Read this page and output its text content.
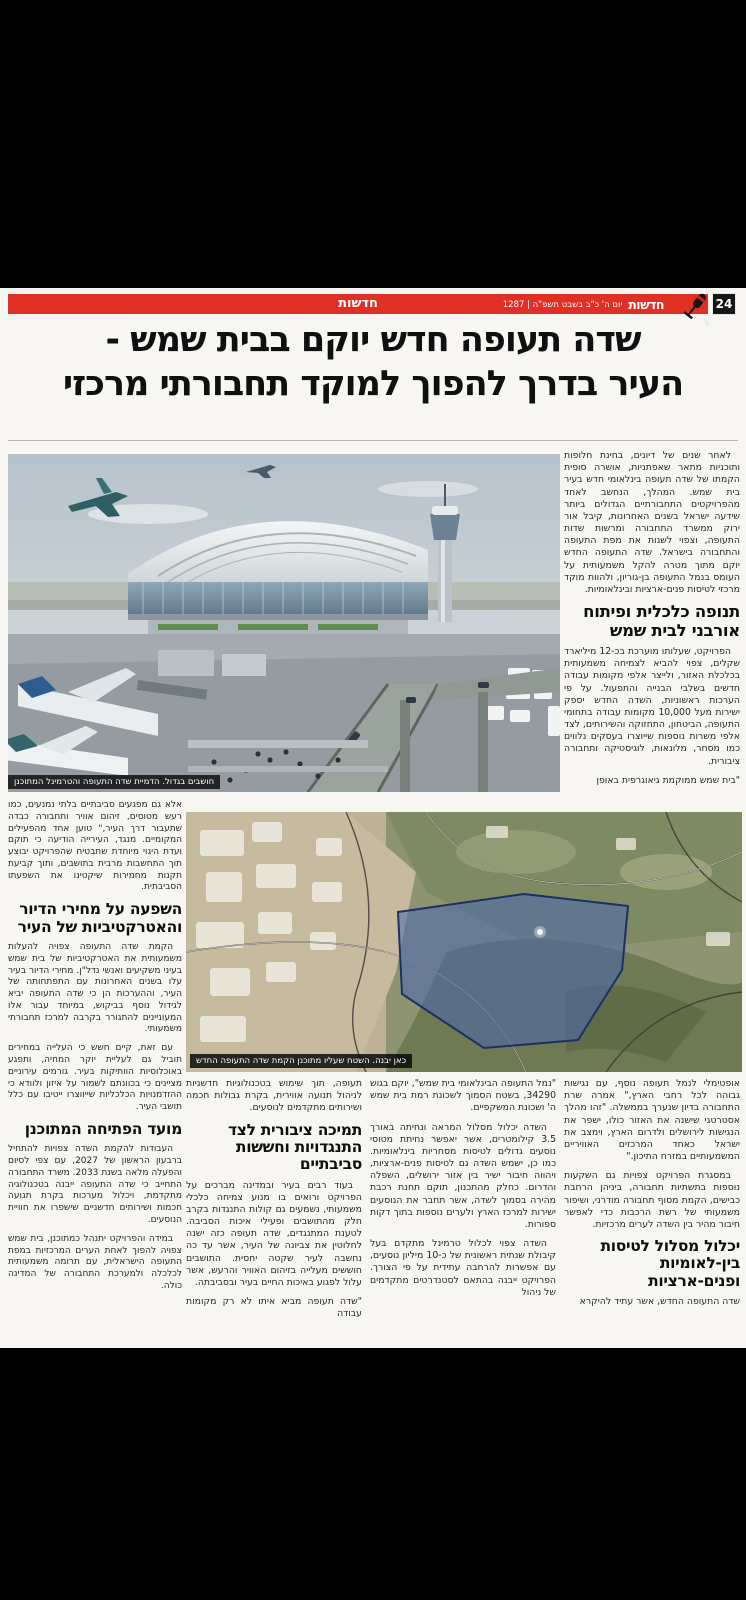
חדשות	חדשות
יום ה' כ"ב בשבט תשפ"ה | 1287	24
שדה תעופה חדש יוקם בבית שמש -
העיר בדרך להפוך למוקד תחבורתי מרכזי
חושבים בגדול. הדמיית שדה התעופה והטרמינל המתוכנן

לאחר שנים של דיונים, בחינת חלופות ותוכניות מתאר שאפתניות, אושרה סופית הקמתו של שדה תעופה בינלאומי חדש בעיר בית שמש. המהלך, הנחשב לאחד מהפרויקטים התחבורתיים הגדולים ביותר שידעה ישראל בשנים האחרונות, קיבל אור ירוק ממשרד התחבורה ומרשות שדות התעופה, וצפוי לשנות את מפת התעופה והתחבורה בישראל. שדה התעופה החדש יוקם מתוך מטרה להקל משמעותית על העומס בנמל התעופה בן-גוריון, ולהוות מוקד מרכזי לטיסות פנים-ארציות ובינלאומיות.

תנופה כלכלית ופיתוח אורבני לבית שמש

הפרויקט, שעלותו מוערכת בכ-12 מיליארד שקלים, צפוי להביא לצמיחה משמעותית בכלכלת האזור, ולייצר אלפי מקומות עבודה חדשים בשלבי הבנייה והתפעול. על פי הערכות ראשוניות, השדה החדש יספק ישירות מעל 10,000 מקומות עבודה בתחומי התעופה, הביטחון, התחזוקה והשירותים, לצד אלפי משרות נוספות שייוצרו בעסקים נלווים כמו מסחר, מלונאות, לוגיסטיקה ותחבורה ציבורית.

"בית שמש ממוקמת גיאוגרפית באופן

כאן יבנה. השטח שעליו מתוכנן הקמת שדה התעופה החדש

אלא גם מפגעים סביבתיים בלתי נמנעים, כמו רעש מטוסים, זיהום אוויר ותחבורה כבדה שתעבור דרך העיר," טוען אחד מהפעילים המקומיים. מנגד, העירייה הודיעה כי תוקם ועדת היגוי מיוחדת שתבטיח שהפרויקט יבוצע תוך התחשבות מרבית בתושבים, ותוך קביעת תקנות מחמירות שיקטינו את השפעתו הסביבתית.

השפעה על מחירי הדיור והאטרקטיביות של העיר

הקמת שדה התעופה צפויה להעלות משמעותית את האטרקטיביות של בית שמש בעיני משקיעים ואנשי נדל"ן. מחירי הדיור בעיר עלו בשנים האחרונות עם התפתחותה של העיר, וההערכות הן כי שדה התעופה יביא לגידול נוסף בביקוש, במיוחד עבור אלו המעוניינים להתגורר בקרבה למרכז תחבורתי משמעותי.

עם זאת, קיים חשש כי העלייה במחירים תוביל גם לעליית יוקר המחיה, ותפגע באוכלוסיות הוותיקות בעיר. גורמים עירוניים מציינים כי בכוונתם לשמור על איזון ולוודא כי ההזדמנויות הכלכליות שייווצרו ייטיבו עם כלל תושבי העיר.

מועד הפתיחה המתוכנן

העבודות להקמת השדה צפויות להתחיל ברבעון הראשון של 2027, עם צפי לסיום והפעלה מלאה בשנת 2033. משרד התחבורה התחייב כי שדה התעופה ייבנה בטכנולוגיה מתקדמת, ויכלול מערכות בקרת תנועה חכמות ושירותים חדשניים שישפרו את חוויית הנוסעים.

במידה והפרויקט יתנהל כמתוכנן, בית שמש צפויה להפוך לאחת הערים המרכזיות במפת התעופה הישראלית, עם תרומה משמעותית לכלכלה ולמערכת התחבורה של המדינה כולה.

תעופה, תוך שימוש בטכנולוגיות חדשניות לניהול תנועה אווירית, בקרת גבולות חכמה ושירותים מתקדמים לנוסעים.

תמיכה ציבורית לצד התנגדויות וחששות סביבתיים

בעוד רבים בעיר ובמדינה מברכים על הפרויקט ורואים בו מנוע צמיחה כלכלי משמעותי, נשמעים גם קולות התנגדות בקרב חלק מהתושבים ופעילי איכות הסביבה. לטענת המתנגדים, שדה תעופה כזה ישנה לחלוטין את צביונה של העיר, אשר עד כה נחשבה לעיר שקטה יחסית. התושבים חוששים מעלייה בזיהום האוויר והרעש, אשר עלול לפגוע באיכות החיים בעיר ובסביבתה.

"שדה תעופה מביא איתו לא רק מקומות עבודה

"נמל התעופה הבינלאומי בית שמש", יוקם בגוש 34290, בשטח הסמוך לשכונת רמת בית שמש ה' ושכונת המשקפיים.

השדה יכלול מסלול המראה ונחיתה באורך 3.5 קילומטרים, אשר יאפשר נחיתת מטוסי נוסעים גדולים לטיסות מסחריות בינלאומיות. כמו כן, ישמש השדה גם לטיסות פנים-ארציות, ויהווה חיבור ישיר בין אזור ירושלים, השפלה והדרום. כחלק מהתכנון, תוקם תחנת רכבת מהירה בסמוך לשדה, אשר תחבר את הנוסעים ישירות למרכז הארץ ולערים נוספות בתוך דקות ספורות.

השדה צפוי לכלול טרמינל מתקדם בעל קיבולת שנתית ראשונית של כ-10 מיליון נוסעים, עם אפשרות להרחבה עתידית על פי הצורך. הפרויקט ייבנה בהתאם לסטנדרטים מתקדמים של ניהול

אופטימלי לנמל תעופה נוסף, עם נגישות גבוהה לכל רחבי הארץ," אמרה שרת התחבורה בדיון שנערך בממשלה. "זהו מהלך אסטרטגי שישנה את האזור כולו, ישפר את הנגישות לירושלים ולדרום הארץ, וימצב את ישראל כאחד המרכזים האוויריים המשמעותיים במזרח התיכון."

במסגרת הפרויקט צפויות גם השקעות נוספות בתשתיות תחבורה, ביניהן הרחבת כבישים, הקמת מסוף תחבורה מודרני, ושיפור משמעותי של רשת הרכבות כדי לאפשר חיבור מהיר בין השדה לערים מרכזיות.

יכלול מסלול לטיסות בין-לאומיות ופנים-ארציות

שדה התעופה החדש, אשר עתיד להיקרא
